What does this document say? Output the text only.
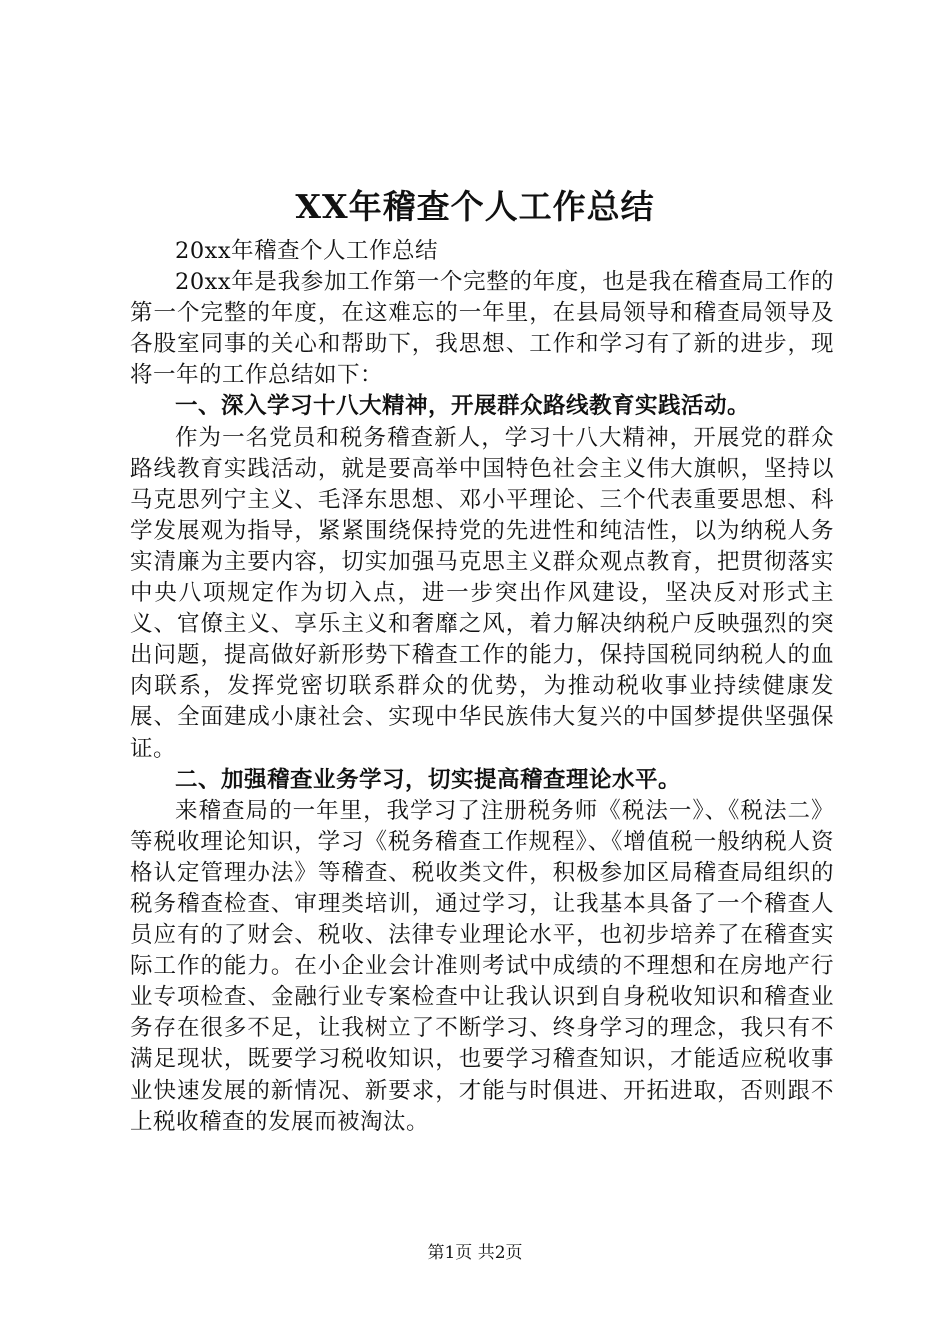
XX年稽查个人工作总结

20xx年稽查个人工作总结

20xx年是我参加工作第一个完整的年度，也是我在稽查局工作的第一个完整的年度，在这难忘的一年里，在县局领导和稽查局领导及各股室同事的关心和帮助下，我思想、工作和学习有了新的进步，现将一年的工作总结如下：

一、深入学习十八大精神，开展群众路线教育实践活动。

作为一名党员和税务稽查新人，学习十八大精神，开展党的群众路线教育实践活动，就是要高举中国特色社会主义伟大旗帜，坚持以马克思列宁主义、毛泽东思想、邓小平理论、三个代表重要思想、科学发展观为指导，紧紧围绕保持党的先进性和纯洁性，以为纳税人务实清廉为主要内容，切实加强马克思主义群众观点教育，把贯彻落实中央八项规定作为切入点，进一步突出作风建设，坚决反对形式主义、官僚主义、享乐主义和奢靡之风，着力解决纳税户反映强烈的突出问题，提高做好新形势下稽查工作的能力，保持国税同纳税人的血肉联系，发挥党密切联系群众的优势，为推动税收事业持续健康发展、全面建成小康社会、实现中华民族伟大复兴的中国梦提供坚强保证。

二、加强稽查业务学习，切实提高稽查理论水平。

来稽查局的一年里，我学习了注册税务师《税法一》、《税法二》等税收理论知识，学习《税务稽查工作规程》、《增值税一般纳税人资格认定管理办法》等稽查、税收类文件，积极参加区局稽查局组织的税务稽查检查、审理类培训，通过学习，让我基本具备了一个稽查人员应有的了财会、税收、法律专业理论水平，也初步培养了在稽查实际工作的能力。在小企业会计准则考试中成绩的不理想和在房地产行业专项检查、金融行业专案检查中让我认识到自身税收知识和稽查业务存在很多不足，让我树立了不断学习、终身学习的理念，我只有不满足现状，既要学习税收知识，也要学习稽查知识，才能适应税收事业快速发展的新情况、新要求，才能与时俱进、开拓进取，否则跟不上税收稽查的发展而被淘汰。

第1页 共2页
